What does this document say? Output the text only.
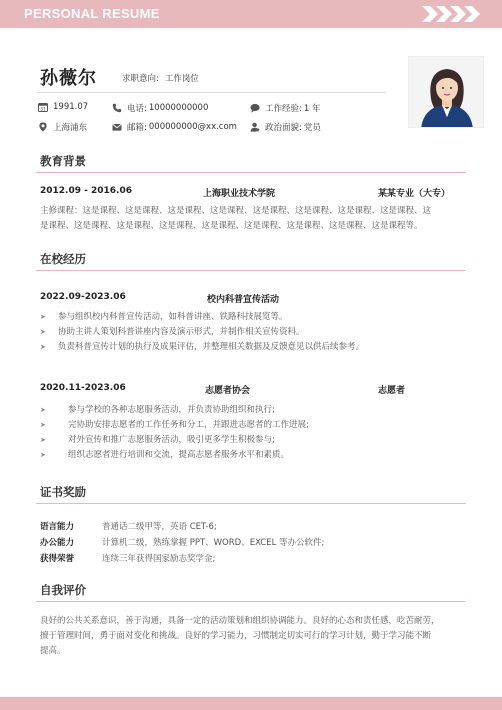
PERSONAL RESUME
孙薇尔	求职意向: 工作岗位
31 1991.07	电话: 10000000000	工作经验: 1 年
上海浦东	邮箱: 000000000@xx.com	政治面貌: 党员
教育背景
2012.09 - 2016.06	上海职业技术学院	某某专业（大专）
主修课程：这是课程、这是课程、这是课程、这是课程、这是课程、这是课程、这是课程、这是课程、这
是课程、这是课程、这是课程、这是课程、这是课程、这是课程、这是课程、这是课程、这是课程等。
在校经历
2022.09-2023.06	校内科普宣传活动
➤	参与组织校内科普宣传活动，如科普讲座、铁路科技展览等。
➤	协助主讲人策划科普讲座内容及演示形式，并制作相关宣传资料。
➤	负责科普宣传计划的执行及成果评估，并整理相关数据及反馈意见以供后续参考。
2020.11-2023.06	志愿者协会	志愿者
➤	参与学校的各种志愿服务活动，并负责协助组织和执行;
➤	完协助安排志愿者的工作任务和分工，并跟进志愿者的工作进展;
➤	对外宣传和推广志愿服务活动，吸引更多学生积极参与;
➤	组织志愿者进行培训和交流，提高志愿者服务水平和素质。
证书奖励
语言能力	普通话二级甲等，英语 CET-6;
办公能力	计算机二级，熟练掌握 PPT、WORD、EXCEL 等办公软件;
获得荣誉	连续三年获得国家励志奖学金;
自我评价
良好的公共关系意识，善于沟通，具备一定的活动策划和组织协调能力。良好的心态和责任感，吃苦耐劳，
擅于管理时间，勇于面对变化和挑战。良好的学习能力，习惯制定切实可行的学习计划，勤于学习能不断
提高。
